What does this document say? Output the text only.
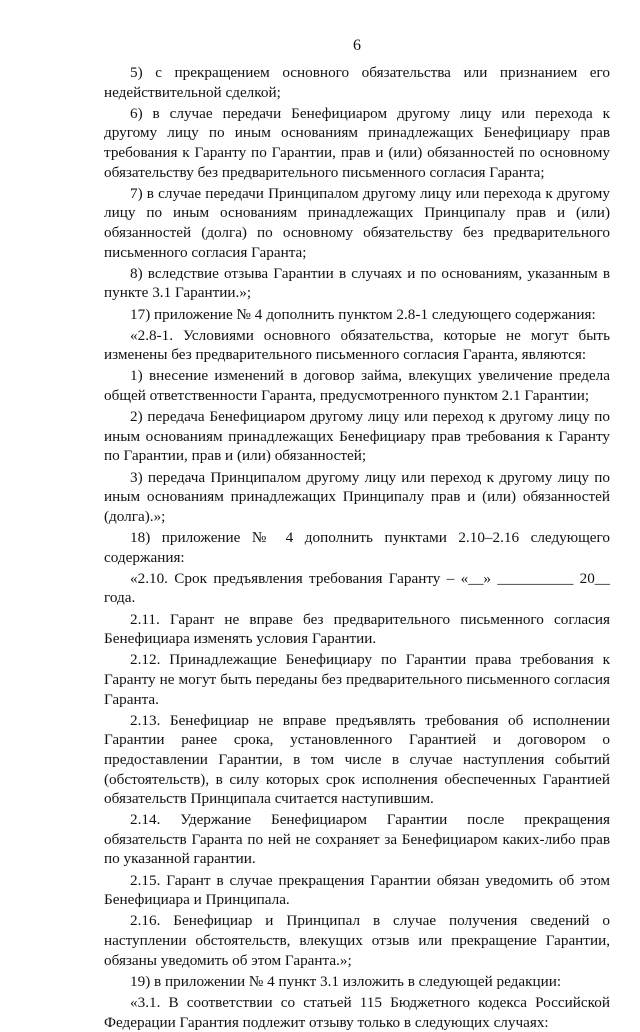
6

5) с прекращением основного обязательства или признанием его недействительной сделкой;

6) в случае передачи Бенефициаром другому лицу или перехода к другому лицу по иным основаниям принадлежащих Бенефициару прав требования к Гаранту по Гарантии, прав и (или) обязанностей по основному обязательству без предварительного письменного согласия Гаранта;

7) в случае передачи Принципалом другому лицу или перехода к другому лицу по иным основаниям принадлежащих Принципалу прав и (или) обязанностей (долга) по основному обязательству без предварительного письменного согласия Гаранта;

8) вследствие отзыва Гарантии в случаях и по основаниям, указанным в пункте 3.1 Гарантии.»;

17) приложение № 4 дополнить пунктом 2.8-1 следующего содержания:

«2.8-1. Условиями основного обязательства, которые не могут быть изменены без предварительного письменного согласия Гаранта, являются:

1) внесение изменений в договор займа, влекущих увеличение предела общей ответственности Гаранта, предусмотренного пунктом 2.1 Гарантии;

2) передача Бенефициаром другому лицу или переход к другому лицу по иным основаниям принадлежащих Бенефициару прав требования к Гаранту по Гарантии, прав и (или) обязанностей;

3) передача Принципалом другому лицу или переход к другому лицу по иным основаниям принадлежащих Принципалу прав и (или) обязанностей (долга).»;

18) приложение № 4 дополнить пунктами 2.10–2.16 следующего содержания:

«2.10. Срок предъявления требования Гаранту – «__» __________ 20__ года.

2.11. Гарант не вправе без предварительного письменного согласия Бенефициара изменять условия Гарантии.

2.12. Принадлежащие Бенефициару по Гарантии права требования к Гаранту не могут быть переданы без предварительного письменного согласия Гаранта.

2.13. Бенефициар не вправе предъявлять требования об исполнении Гарантии ранее срока, установленного Гарантией и договором о предоставлении Гарантии, в том числе в случае наступления событий (обстоятельств), в силу которых срок исполнения обеспеченных Гарантией обязательств Принципала считается наступившим.

2.14. Удержание Бенефициаром Гарантии после прекращения обязательств Гаранта по ней не сохраняет за Бенефициаром каких-либо прав по указанной гарантии.

2.15. Гарант в случае прекращения Гарантии обязан уведомить об этом Бенефициара и Принципала.

2.16. Бенефициар и Принципал в случае получения сведений о наступлении обстоятельств, влекущих отзыв или прекращение Гарантии, обязаны уведомить об этом Гаранта.»;

19) в приложении № 4 пункт 3.1 изложить в следующей редакции:

«3.1. В соответствии со статьей 115 Бюджетного кодекса Российской Федерации Гарантия подлежит отзыву только в следующих случаях:
